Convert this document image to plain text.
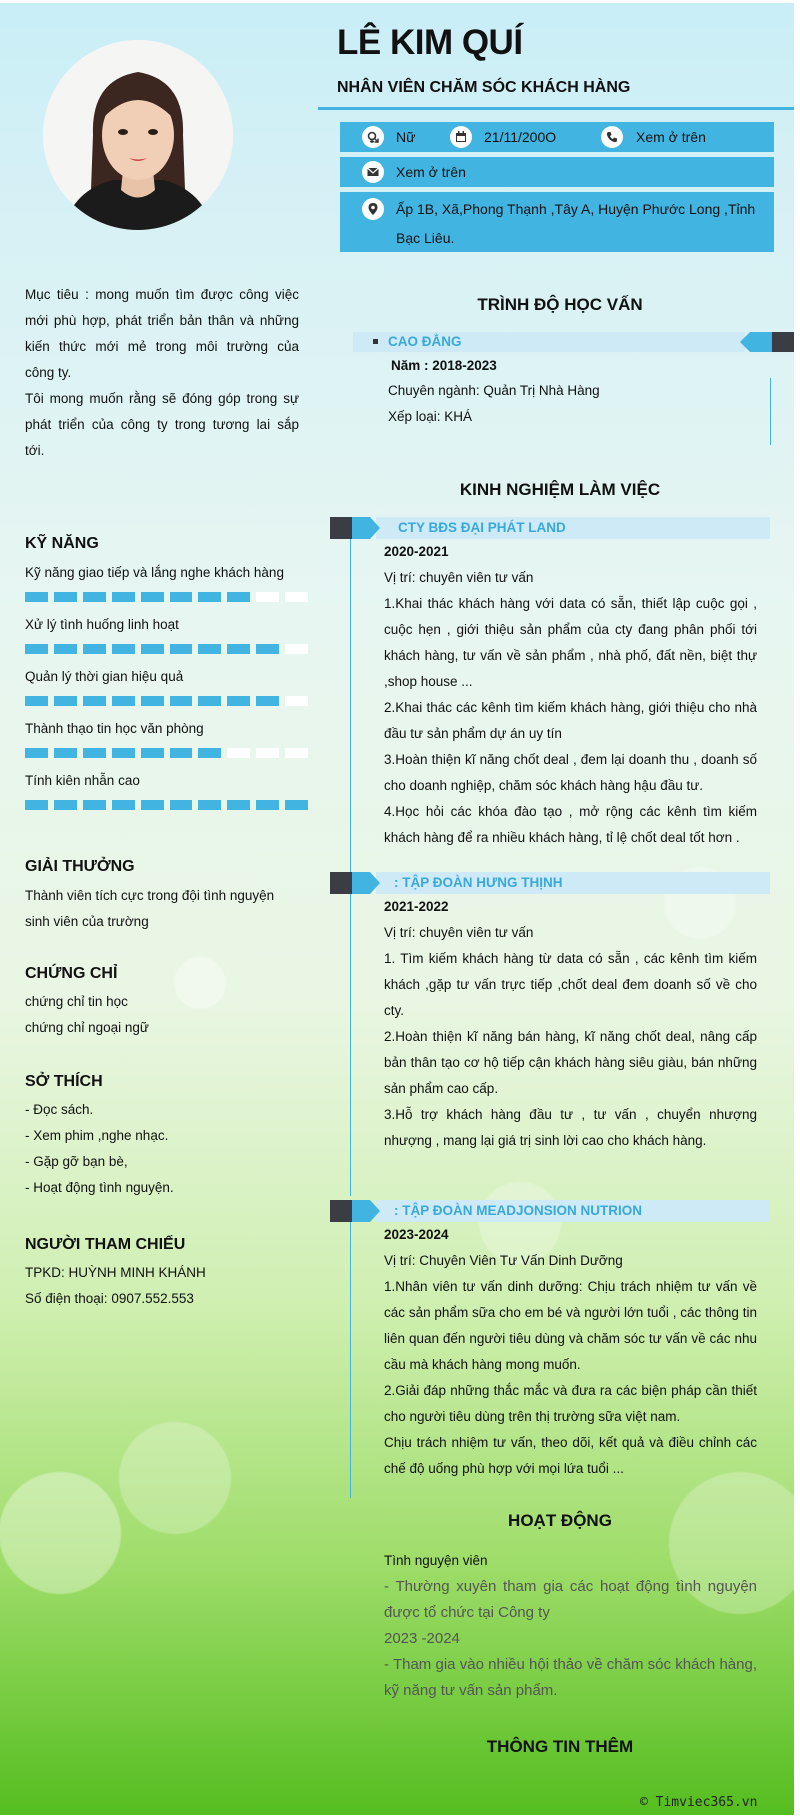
LÊ KIM QUÍ
NHÂN VIÊN CHĂM SÓC KHÁCH HÀNG
Nữ	21/11/200O	Xem ở trên
Xem ở trên
Ấp 1B, Xã,Phong Thạnh ,Tây A, Huyện Phước Long ,Tỉnh
Bạc Liêu.
Mục tiêu : mong muốn tìm được công việc
mới phù hợp, phát triển bản thân và những
kiến thức mới mẻ trong môi trường của
công ty.
Tôi mong muốn rằng sẽ đóng góp trong sự
phát triển của công ty trong tương lai sắp
tới.
KỸ NĂNG
Kỹ năng giao tiếp và lắng nghe khách hàng
Xử lý tình huống linh hoạt
Quản lý thời gian hiệu quả
Thành thạo tin học văn phòng
Tính kiên nhẫn cao
GIẢI THƯỞNG
Thành viên tích cực trong đội tình nguyện
sinh viên của trường
CHỨNG CHỈ
chứng chỉ tin học
chứng chỉ ngoại ngữ
SỞ THÍCH
- Đọc sách.
- Xem phim ,nghe nhạc.
- Gặp gỡ bạn bè,
- Hoạt động tình nguyện.
NGƯỜI THAM CHIẾU
TPKD: HUỲNH MINH KHÁNH
Số điện thoại: 0907.552.553
TRÌNH ĐỘ HỌC VẤN
CAO ĐẲNG
Năm : 2018-2023
Chuyên ngành: Quản Trị Nhà Hàng
Xếp loại: KHÁ
KINH NGHIỆM LÀM VIỆC
CTY BĐS ĐẠI PHÁT LAND
2020-2021
Vị trí: chuyên viên tư vấn
1.Khai thác khách hàng với data có sẵn, thiết lập cuộc gọi , cuộc hẹn , giới thiệu sản phẩm của cty đang phân phối tới khách hàng, tư vấn về sản phẩm , nhà phố, đất nền, biệt thự ,shop house ...
2.Khai thác các kênh tìm kiếm khách hàng, giới thiệu cho nhà đầu tư sản phẩm dự án uy tín
3.Hoàn thiện kĩ năng chốt deal , đem lại doanh thu , doanh số cho doanh nghiệp, chăm sóc khách hàng hậu đầu tư.
4.Học hỏi các khóa đào tạo , mở rộng các kênh tìm kiếm khách hàng để ra nhiều khách hàng, tỉ lệ chốt deal tốt hơn .
: TẬP ĐOÀN HƯNG THỊNH
2021-2022
Vị trí: chuyên viên tư vấn
1. Tìm kiếm khách hàng từ data có sẵn , các kênh tìm kiếm khách ,gặp tư vấn trực tiếp ,chốt deal đem doanh số về cho cty.
2.Hoàn thiện kĩ năng bán hàng, kĩ năng chốt deal, nâng cấp bản thân tạo cơ hộ tiếp cận khách hàng siêu giàu, bán những sản phẩm cao cấp.
3.Hỗ trợ khách hàng đầu tư , tư vấn , chuyển nhượng nhượng , mang lại giá trị sinh lời cao cho khách hàng.
: TẬP ĐOÀN MEADJONSION NUTRION
2023-2024
Vị trí: Chuyên Viên Tư Vấn Dinh Dưỡng
1.Nhân viên tư vấn dinh dưỡng: Chịu trách nhiệm tư vấn về các sản phẩm sữa cho em bé và người lớn tuổi , các thông tin liên quan đến người tiêu dùng và chăm sóc tư vấn về các nhu cầu mà khách hàng mong muốn.
2.Giải đáp những thắc mắc và đưa ra các biện pháp cần thiết cho người tiêu dùng trên thị trường sữa việt nam.
Chịu trách nhiệm tư vấn, theo dõi, kết quả và điều chỉnh các chế độ uống phù hợp với mọi lứa tuổi ...
HOẠT ĐỘNG
Tình nguyện viên
- Thường xuyên tham gia các hoạt động tình nguyện được tổ chức tại Công ty
2023 -2024
- Tham gia vào nhiều hội thảo về chăm sóc khách hàng, kỹ năng tư vấn sản phẩm.
THÔNG TIN THÊM
© Timviec365.vn
